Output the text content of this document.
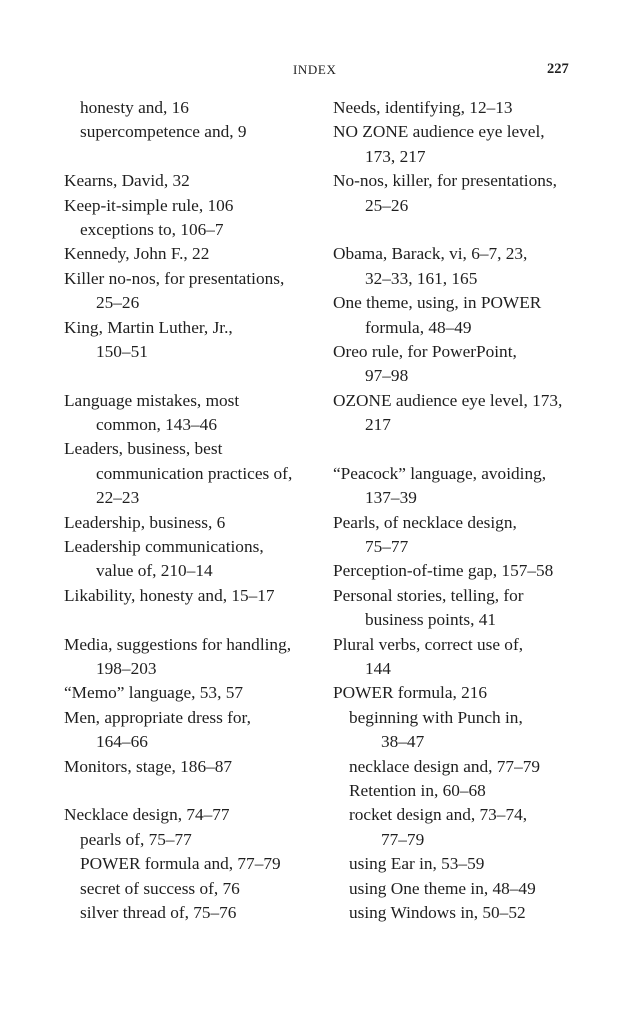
INDEX	227
honesty and, 16
supercompetence and, 9
Kearns, David, 32
Keep-it-simple rule, 106
exceptions to, 106–7
Kennedy, John F., 22
Killer no-nos, for presentations,
25–26
King, Martin Luther, Jr.,
150–51
Language mistakes, most
common, 143–46
Leaders, business, best
communication practices of,
22–23
Leadership, business, 6
Leadership communications,
value of, 210–14
Likability, honesty and, 15–17
Media, suggestions for handling,
198–203
“Memo” language, 53, 57
Men, appropriate dress for,
164–66
Monitors, stage, 186–87
Necklace design, 74–77
pearls of, 75–77
POWER formula and, 77–79
secret of success of, 76
silver thread of, 75–76
Needs, identifying, 12–13
NO ZONE audience eye level,
173, 217
No-nos, killer, for presentations,
25–26
Obama, Barack, vi, 6–7, 23,
32–33, 161, 165
One theme, using, in POWER
formula, 48–49
Oreo rule, for PowerPoint,
97–98
OZONE audience eye level, 173,
217
“Peacock” language, avoiding,
137–39
Pearls, of necklace design,
75–77
Perception-of-time gap, 157–58
Personal stories, telling, for
business points, 41
Plural verbs, correct use of,
144
POWER formula, 216
beginning with Punch in,
38–47
necklace design and, 77–79
Retention in, 60–68
rocket design and, 73–74,
77–79
using Ear in, 53–59
using One theme in, 48–49
using Windows in, 50–52
